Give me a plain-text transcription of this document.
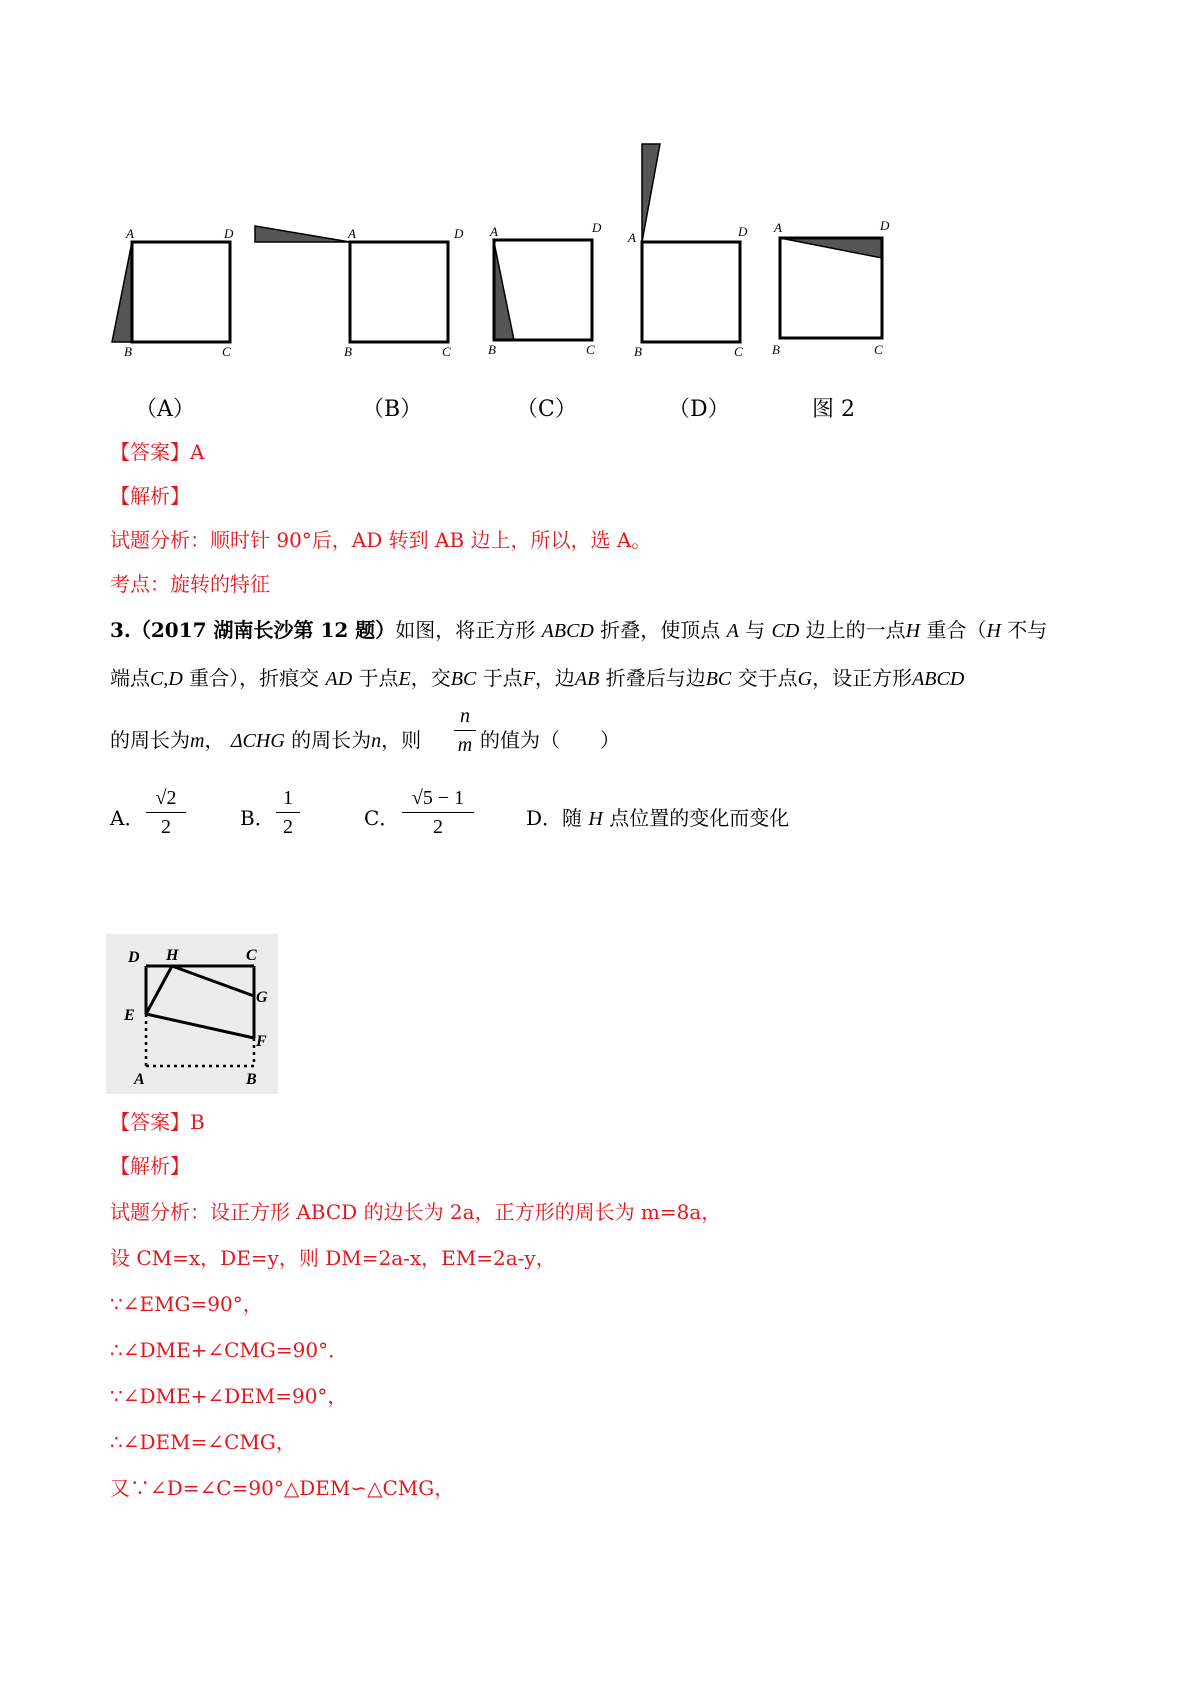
A	D
B	C
A	D
B	C
A	D
B	C
A	D
B	C
A	D
B	C
（A）	（B）	（C）	（D）	图 2
【答案】A
【解析】
试题分析：顺时针 90°后，AD 转到 AB 边上，所以，选 A。
考点：旋转的特征
3.（2017 湖南长沙第 12 题）如图，将正方形 ABCD 折叠，使顶点 A 与 CD 边上的一点H 重合（H 不与
端点C,D 重合），折痕交 AD 于点E，交BC 于点F，边AB 折叠后与边BC 交于点G，设正方形ABCD
的周长为m， ΔCHG 的周长为n，则
n
m 的值为（　　）
A．
√2
2	B．
1
2	C．
√5 − 1
2	D．随 H 点位置的变化而变化
D H	C
G
E
F
A	B
【答案】B
【解析】
试题分析：设正方形 ABCD 的边长为 2a，正方形的周长为 m=8a，
设 CM=x，DE=y，则 DM=2a-x，EM=2a-y，
∵∠EMG=90°，
∴∠DME+∠CMG=90°．
∵∠DME+∠DEM=90°，
∴∠DEM=∠CMG，
又∵∠D=∠C=90°△DEM∽△CMG，
